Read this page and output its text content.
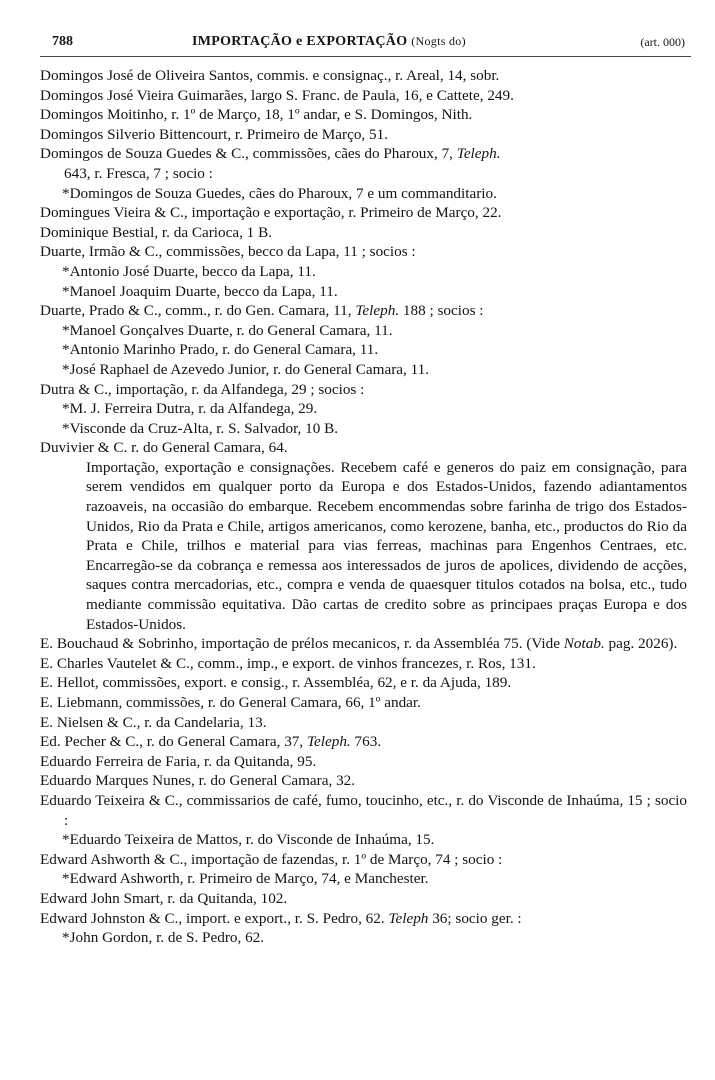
788	IMPORTAÇÃO e EXPORTAÇÃO (Nogts do)	(art. 000)

Domingos José de Oliveira Santos, commis. e consignaç., r. Areal, 14, sobr.

Domingos José Vieira Guimarães, largo S. Franc. de Paula, 16, e Cattete, 249.

Domingos Moitinho, r. 1º de Março, 18, 1º andar, e S. Domingos, Nith.

Domingos Silverio Bittencourt, r. Primeiro de Março, 51.

Domingos de Souza Guedes & C., commissões, cães do Pharoux, 7, Teleph.
643, r. Fresca, 7 ; socio :

*Domingos de Souza Guedes, cães do Pharoux, 7 e um commanditario.

Domingues Vieira & C., importação e exportação, r. Primeiro de Março, 22.

Dominique Bestial, r. da Carioca, 1 B.

Duarte, Irmão & C., commissões, becco da Lapa, 11 ; socios :

*Antonio José Duarte, becco da Lapa, 11.

*Manoel Joaquim Duarte, becco da Lapa, 11.

Duarte, Prado & C., comm., r. do Gen. Camara, 11, Teleph. 188 ; socios :

*Manoel Gonçalves Duarte, r. do General Camara, 11.

*Antonio Marinho Prado, r. do General Camara, 11.

*José Raphael de Azevedo Junior, r. do General Camara, 11.

Dutra & C., importação, r. da Alfandega, 29 ; socios :

*M. J. Ferreira Dutra, r. da Alfandega, 29.

*Visconde da Cruz-Alta, r. S. Salvador, 10 B.

Duvivier & C. r. do General Camara, 64.

Importação, exportação e consignações. Recebem café e generos do paiz em consignação, para serem vendidos em qualquer porto da Europa e dos Estados-Unidos, fazendo adiantamentos razoaveis, na occasião do embarque. Recebem encommendas sobre farinha de trigo dos Estados-Unidos, Rio da Prata e Chile, artigos americanos, como kerozene, banha, etc., productos do Rio da Prata e Chile, trilhos e material para vias ferreas, machinas para Engenhos Centraes, etc. Encarregão-se da cobrança e remessa aos interessados de juros de apolices, dividendo de acções, saques contra mercadorias, etc., compra e venda de quaesquer titulos cotados na bolsa, etc., tudo mediante commissão equitativa. Dão cartas de credito sobre as principaes praças Europa e dos Estados-Unidos.

E. Bouchaud & Sobrinho, importação de prélos mecanicos, r. da Assembléa 75. (Vide Notab. pag. 2026).

E. Charles Vautelet & C., comm., imp., e export. de vinhos francezes, r. Ros, 131.

E. Hellot, commissões, export. e consig., r. Assembléa, 62, e r. da Ajuda, 189.

E. Liebmann, commissões, r. do General Camara, 66, 1º andar.

E. Nielsen & C., r. da Candelaria, 13.

Ed. Pecher & C., r. do General Camara, 37, Teleph. 763.

Eduardo Ferreira de Faria, r. da Quitanda, 95.

Eduardo Marques Nunes, r. do General Camara, 32.

Eduardo Teixeira & C., commissarios de café, fumo, toucinho, etc., r. do Visconde de Inhaúma, 15 ; socio :

*Eduardo Teixeira de Mattos, r. do Visconde de Inhaúma, 15.

Edward Ashworth & C., importação de fazendas, r. 1º de Março, 74 ; socio :

*Edward Ashworth, r. Primeiro de Março, 74, e Manchester.

Edward John Smart, r. da Quitanda, 102.

Edward Johnston & C., import. e export., r. S. Pedro, 62. Teleph 36; socio ger. :

*John Gordon, r. de S. Pedro, 62.
